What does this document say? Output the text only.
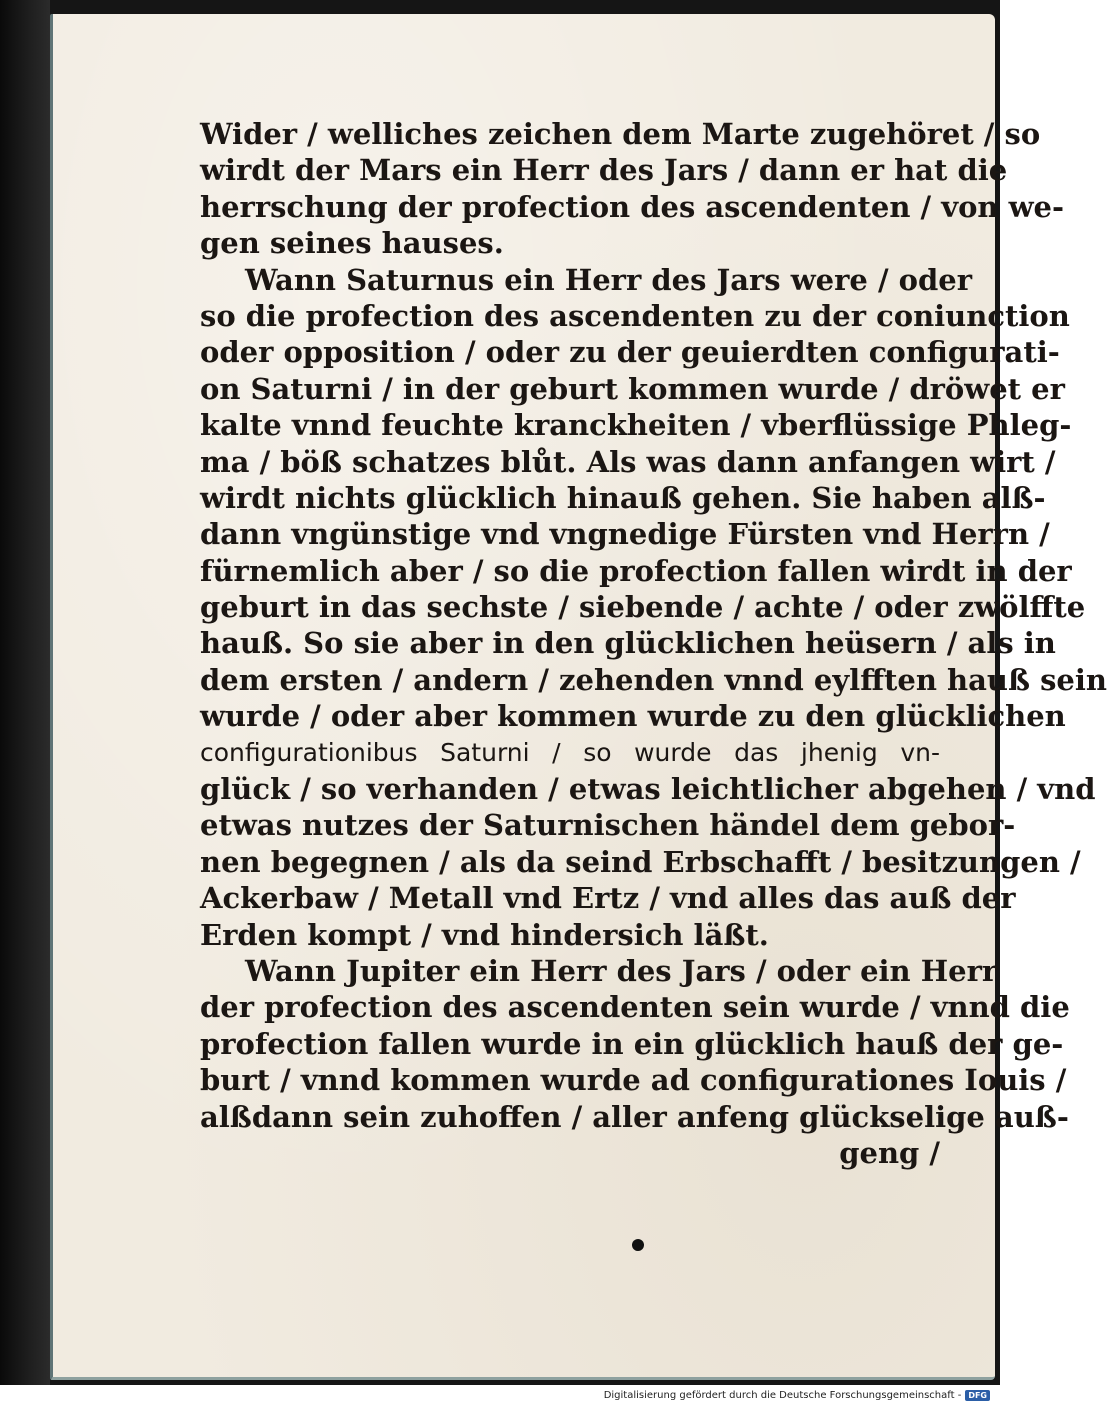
Wider / welliches zeichen dem Marte zugehöret / so
wirdt der Mars ein Herr des Jars / dann er hat die
herrschung der profection des ascendenten / von we-
gen seines hauses.
Wann Saturnus ein Herr des Jars were / oder
so die profection des ascendenten zu der coniunction
oder opposition / oder zu der geuierdten configurati-
on Saturni / in der geburt kommen wurde / dröwet er
kalte vnnd feuchte kranckheiten / vberflüssige Phleg-
ma / böß schatzes blůt. Als was dann anfangen wirt /
wirdt nichts glücklich hinauß gehen. Sie haben alß-
dann vngünstige vnd vngnedige Fürsten vnd Herrn /
fürnemlich aber / so die profection fallen wirdt in der
geburt in das sechste / siebende / achte / oder zwölffte
hauß. So sie aber in den glücklichen heüsern / als in
dem ersten / andern / zehenden vnnd eylfften hauß sein
wurde / oder aber kommen wurde zu den glücklichen
configurationibus Saturni / so wurde das jhenig vn-
glück / so verhanden / etwas leichtlicher abgehen / vnd
etwas nutzes der Saturnischen händel dem gebor-
nen begegnen / als da seind Erbschafft / besitzungen /
Ackerbaw / Metall vnd Ertz / vnd alles das auß der
Erden kompt / vnd hindersich läßt.
Wann Jupiter ein Herr des Jars / oder ein Herr
der profection des ascendenten sein wurde / vnnd die
profection fallen wurde in ein glücklich hauß der ge-
burt / vnnd kommen wurde ad configurationes Iouis /
alßdann sein zuhoffen / aller anfeng glückselige auß-
geng /
Digitalisierung gefördert durch die Deutsche Forschungsgemeinschaft - DFG
